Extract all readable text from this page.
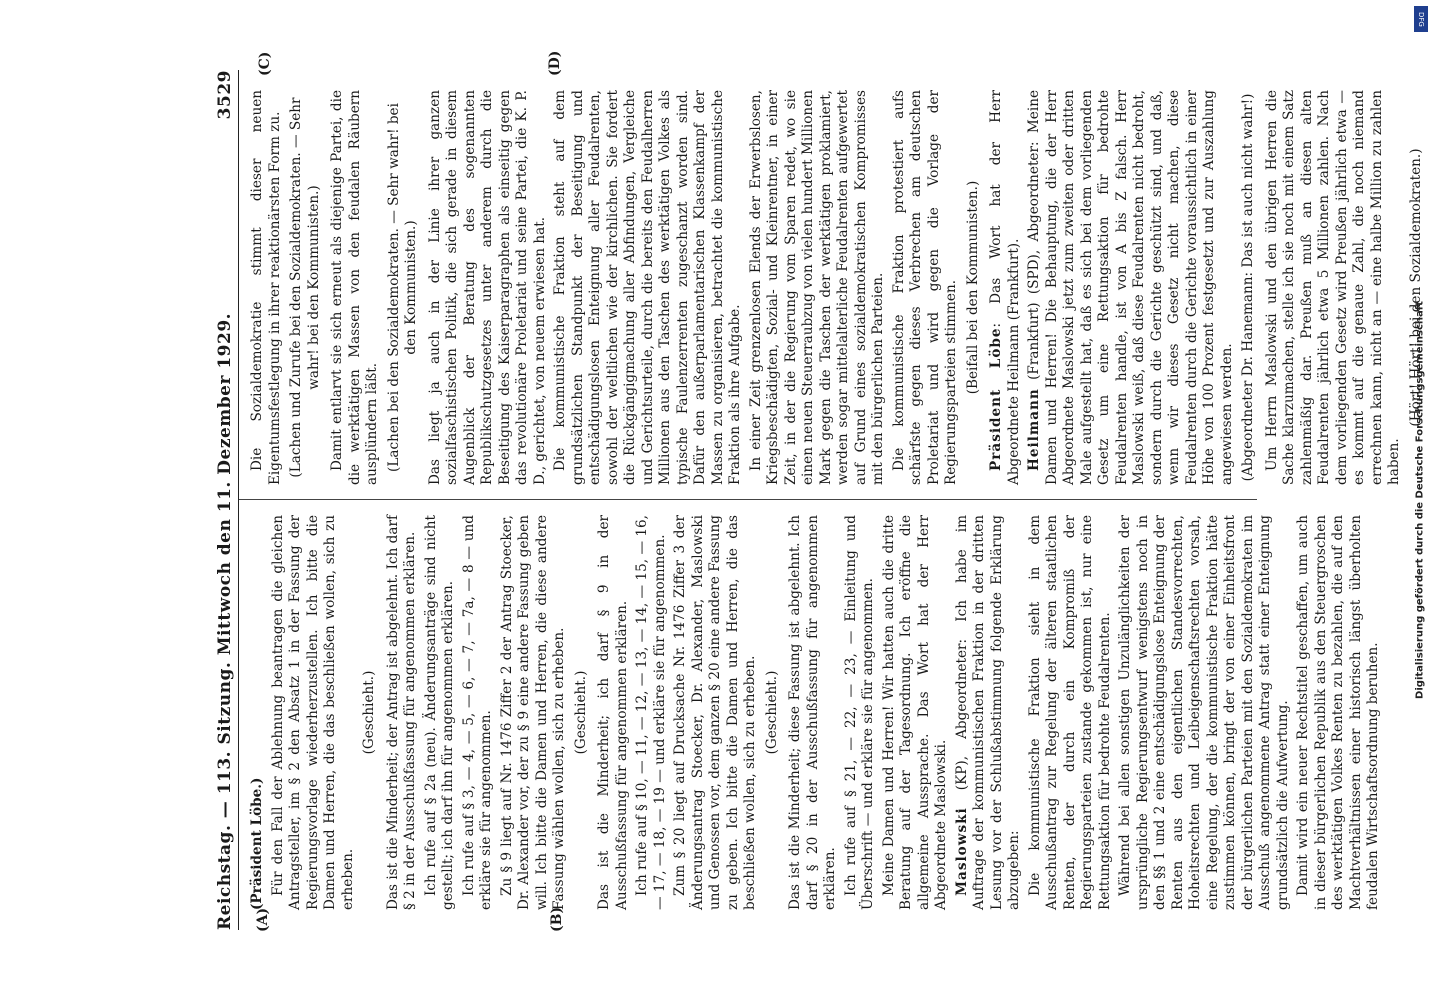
Reichstag. — 113. Sitzung. Mittwoch den 11. Dezember 1929.
3529
(A)	(B)
(C)	(D)

(Präsident Löbe.) Für den Fall der Ablehnung beantragen die gleichen Antragsteller, im § 2 den Absatz 1 in der Fassung der Regierungsvorlage wiederherzustellen. Ich bitte die Damen und Herren, die das beschließen wollen, sich zu erheben.

(Geschieht.) Das ist die Minderheit; der Antrag ist abgelehnt. Ich darf § 2 in der Ausschußfassung für angenommen erklären. Ich rufe auf § 2a (neu). Änderungsanträge sind nicht gestellt; ich darf ihn für angenommen erklären. Ich rufe auf § 3, — 4, — 5, — 6, — 7, — 7a, — 8 — und erkläre sie für angenommen. Zu § 9 liegt auf Nr. 1476 Ziffer 2 der Antrag Stoecker, Dr. Alexander vor, der zu § 9 eine andere Fassung geben will. Ich bitte die Damen und Herren, die diese andere Fassung wählen wollen, sich zu erheben. (Geschieht.) Das ist die Minderheit; ich darf § 9 in der Ausschußfassung für angenommen erklären. Ich rufe auf § 10, — 11, — 12, — 13, — 14, — 15, — 16, — 17, — 18, — 19 — und erkläre sie für angenommen. Zum § 20 liegt auf Drucksache Nr. 1476 Ziffer 3 der Änderungsantrag Stoecker, Dr. Alexander, Maslowski und Genossen vor, dem ganzen § 20 eine andere Fassung zu geben. Ich bitte die Damen und Herren, die das beschließen wollen, sich zu erheben. (Geschieht.) Das ist die Minderheit; diese Fassung ist abgelehnt. Ich darf § 20 in der Ausschußfassung für angenommen erklären. Ich rufe auf § 21, — 22, — 23, — Einleitung und Überschrift — und erkläre sie für angenommen. Meine Damen und Herren! Wir hatten auch die dritte Beratung auf der Tagesordnung. Ich eröffne die allgemeine Aussprache. Das Wort hat der Herr Abgeordnete Maslowski. Maslowski (KP), Abgeordneter: Ich habe im Auftrage der kommunistischen Fraktion in der dritten Lesung vor der Schlußabstimmung folgende Erklärung abzugeben: Die kommunistische Fraktion sieht in dem Ausschußantrag zur Regelung der älteren staatlichen Renten, der durch ein Kompromiß der Regierungsparteien zustande gekommen ist, nur eine Rettungsaktion für bedrohte Feudalrenten. Während bei allen sonstigen Unzulänglichkeiten der ursprüngliche Regierungsentwurf wenigstens noch in den §§ 1 und 2 eine entschädigungslose Enteignung der Renten aus den eigentlichen Standesvorrechten, Hoheitsrechten und Leibeigenschaftsrechten vorsah, eine Regelung, der die kommunistische Fraktion hätte zustimmen können, bringt der von einer Einheitsfront der bürgerlichen Parteien mit den Sozialdemokraten im Ausschuß angenommene Antrag statt einer Enteignung grundsätzlich die Aufwertung. Damit wird ein neuer Rechtstitel geschaffen, um auch in dieser bürgerlichen Republik aus den Steuergroschen des werktätigen Volkes Renten zu bezahlen, die auf den Machtverhältnissen einer historisch längst überholten feudalen Wirtschaftsordnung beruhen.

Die Sozialdemokratie stimmt dieser neuen Eigentumsfestlegung in ihrer reaktionärsten Form zu. (Lachen und Zurufe bei den Sozialdemokraten. — Sehr wahr! bei den Kommunisten.) Damit entlarvt sie sich erneut als diejenige Partei, die die werktätigen Massen von den feudalen Räubern ausplündern läßt. (Lachen bei den Sozialdemokraten. — Sehr wahr! bei den Kommunisten.) Das liegt ja auch in der Linie ihrer ganzen sozialfaschistischen Politik, die sich gerade in diesem Augenblick der Beratung des sogenannten Republikschutzgesetzes unter anderem durch die Beseitigung des Kaiserparagraphen als einseitig gegen das revolutionäre Proletariat und seine Partei, die K. P. D., gerichtet, von neuem erwiesen hat. Die kommunistische Fraktion steht auf dem grundsätzlichen Standpunkt der Beseitigung und entschädigungslosen Enteignung aller Feudalrenten, sowohl der weltlichen wie der kirchlichen. Sie fordert die Rückgängigmachung aller Abfindungen, Vergleiche und Gerichtsurteile, durch die bereits den Feudalherren Millionen aus den Taschen des werktätigen Volkes als typische Faulenzerrenten zugeschanzt worden sind. Dafür den außerparlamentarischen Klassenkampf der Massen zu organisieren, betrachtet die kommunistische Fraktion als ihre Aufgabe. In einer Zeit grenzenlosen Elends der Erwerbslosen, Kriegsbeschädigten, Sozial- und Kleinrentner, in einer Zeit, in der die Regierung vom Sparen redet, wo sie einen neuen Steuerraubzug von vielen hundert Millionen Mark gegen die Taschen der werktätigen proklamiert, werden sogar mittelalterliche Feudalrenten aufgewertet auf Grund eines sozialdemokratischen Kompromisses mit den bürgerlichen Parteien. Die kommunistische Fraktion protestiert aufs schärfste gegen dieses Verbrechen am deutschen Proletariat und wird gegen die Vorlage der Regierungsparteien stimmen. (Beifall bei den Kommunisten.)

Präsident Löbe: Das Wort hat der Herr Abgeordnete Heilmann (Frankfurt). Heilmann (Frankfurt) (SPD), Abgeordneter: Meine Damen und Herren! Die Behauptung, die der Herr Abgeordnete Maslowski jetzt zum zweiten oder dritten Male aufgestellt hat, daß es sich bei dem vorliegenden Gesetz um eine Rettungsaktion für bedrohte Feudalrenten handle, ist von A bis Z falsch. Herr Maslowski weiß, daß diese Feudalrenten nicht bedroht, sondern durch die Gerichte geschützt sind, und daß, wenn wir dieses Gesetz nicht machen, diese Feudalrenten durch die Gerichte voraussichtlich in einer Höhe von 100 Prozent festgesetzt und zur Auszahlung angewiesen werden. (Abgeordneter Dr. Hanemann: Das ist auch nicht wahr!) Um Herrn Maslowski und den übrigen Herren die Sache klarzumachen, stelle ich sie noch mit einem Satz zahlenmäßig dar. Preußen muß an diesen alten Feudalrenten jährlich etwa 5 Millionen zahlen. Nach dem vorliegenden Gesetz wird Preußen jährlich etwa — es kommt auf die genaue Zahl, die noch niemand errechnen kann, nicht an — eine halbe Million zu zahlen haben.

(Hört! Hört! bei den Sozialdemokraten.)

DFG
Digitalisierung gefördert durch die Deutsche Forschungsgemeinschaft
